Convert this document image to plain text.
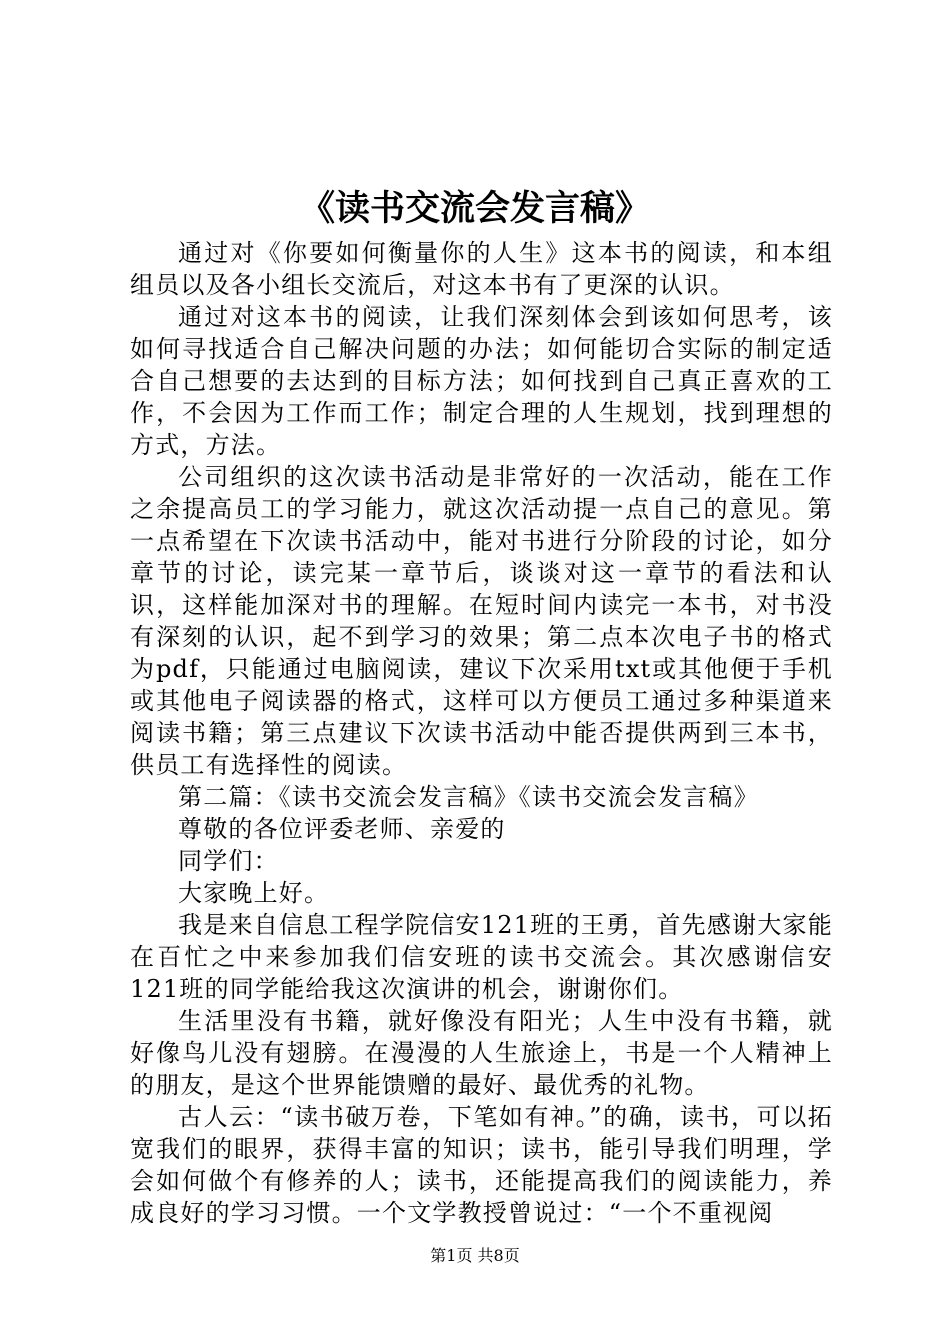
《读书交流会发言稿》

通过对《你要如何衡量你的人生》这本书的阅读，和本组组员以及各小组长交流后，对这本书有了更深的认识。

通过对这本书的阅读，让我们深刻体会到该如何思考，该如何寻找适合自己解决问题的办法；如何能切合实际的制定适合自己想要的去达到的目标方法；如何找到自己真正喜欢的工作，不会因为工作而工作；制定合理的人生规划，找到理想的方式，方法。

公司组织的这次读书活动是非常好的一次活动，能在工作之余提高员工的学习能力，就这次活动提一点自己的意见。第一点希望在下次读书活动中，能对书进行分阶段的讨论，如分章节的讨论，读完某一章节后，谈谈对这一章节的看法和认识，这样能加深对书的理解。在短时间内读完一本书，对书没有深刻的认识，起不到学习的效果；第二点本次电子书的格式为pdf，只能通过电脑阅读，建议下次采用txt或其他便于手机或其他电子阅读器的格式，这样可以方便员工通过多种渠道来阅读书籍；第三点建议下次读书活动中能否提供两到三本书，供员工有选择性的阅读。

第二篇：《读书交流会发言稿》《读书交流会发言稿》

尊敬的各位评委老师、亲爱的

同学们：

大家晚上好。

我是来自信息工程学院信安121班的王勇，首先感谢大家能在百忙之中来参加我们信安班的读书交流会。其次感谢信安121班的同学能给我这次演讲的机会，谢谢你们。

生活里没有书籍，就好像没有阳光；人生中没有书籍，就好像鸟儿没有翅膀。在漫漫的人生旅途上，书是一个人精神上的朋友，是这个世界能馈赠的最好、最优秀的礼物。

古人云：“读书破万卷，下笔如有神。”的确，读书，可以拓宽我们的眼界，获得丰富的知识；读书，能引导我们明理，学会如何做个有修养的人；读书，还能提高我们的阅读能力，养成良好的学习习惯。一个文学教授曾说过：“一个不重视阅

第1页 共8页
